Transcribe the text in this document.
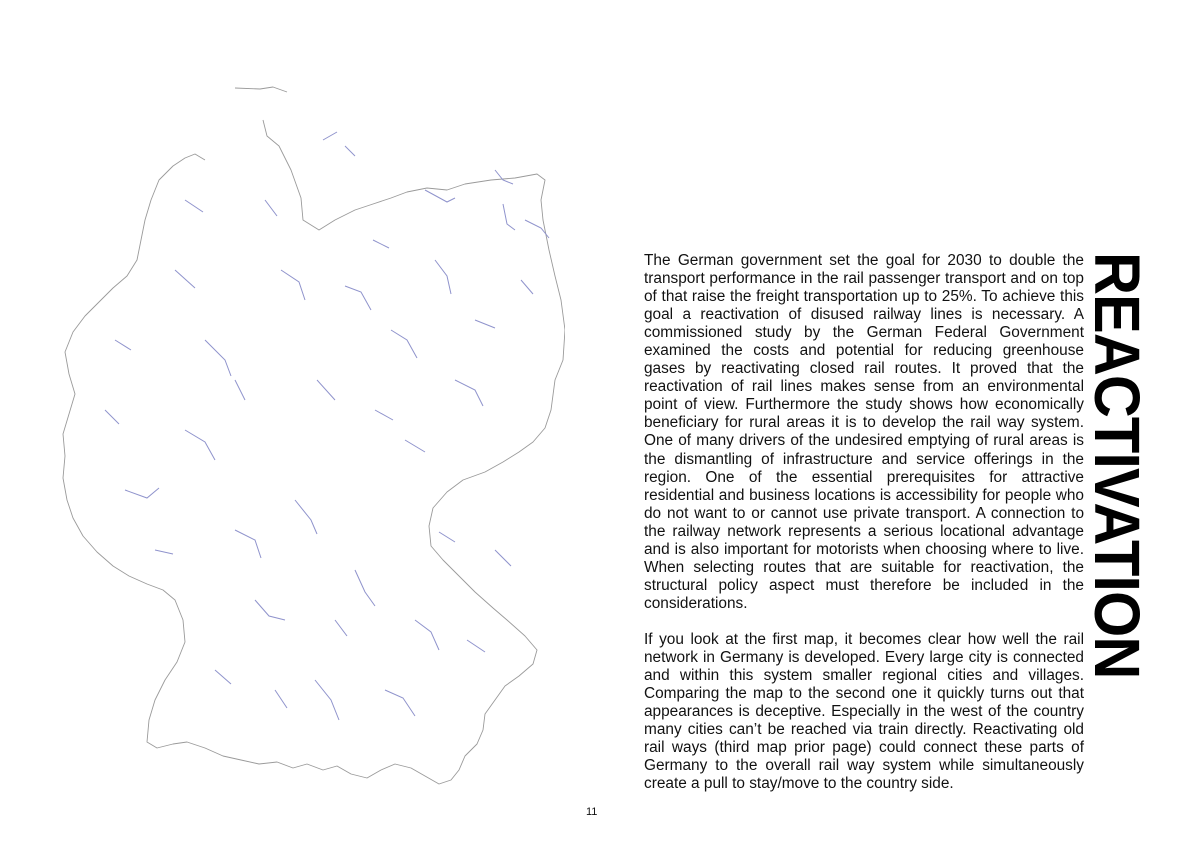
The German government set the goal for 2030 to double the transport performance in the rail passenger transport and on top of that raise the freight transportation up to 25%. To achieve this goal a reactivation of disused railway lines is necessary. A commissioned study by the German Federal Government examined the costs and potential for reducing greenhouse gases by reactivating closed rail routes. It proved that the reactivation of rail lines makes sense from an environmental point of view. Furthermore the study shows how economically beneficiary for rural areas it is to develop the rail way system. One of many drivers of the undesired emptying of rural areas is the dismantling of infrastructure and service offerings in the region. One of the essential prerequisites for attractive residential and business locations is accessibility for people who do not want to or cannot use private transport. A connection to the railway network represents a serious locational advantage and is also important for motorists when choosing where to live. When selecting routes that are suitable for reactivation, the structural policy aspect must therefore be included in the considerations.

If you look at the first map, it becomes clear how well the rail network in Germany is developed. Every large city is connected and within this system smaller regional cities and villages. Comparing the map to the second one it quickly turns out that appearances is deceptive. Especially in the west of the country many cities can’t be reached via train directly. Reactivating old rail ways (third map prior page) could connect these parts of Germany to the overall rail way system while simultaneously create a pull to stay/move to the country side.

REACTIVATION
11
